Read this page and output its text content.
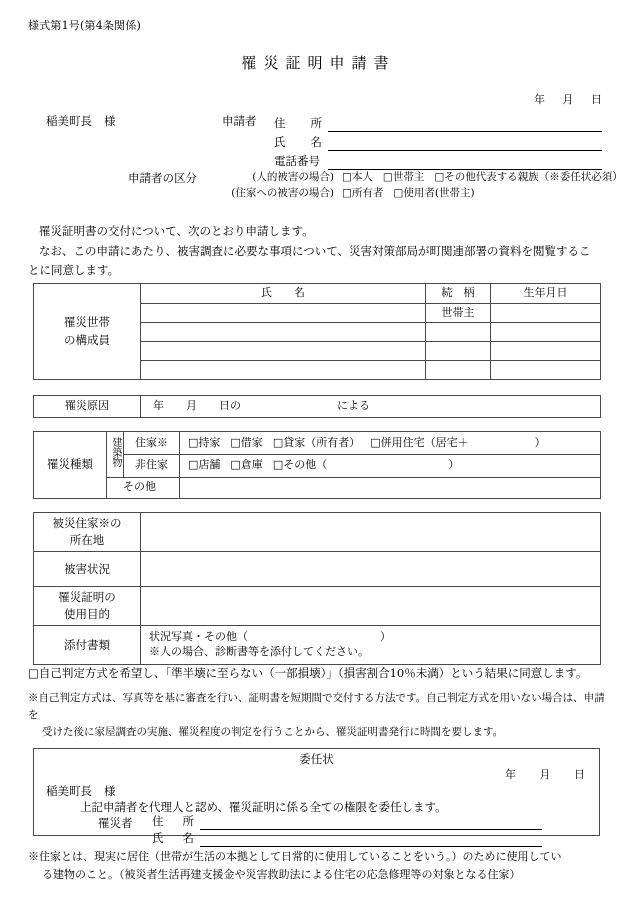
様式第1号(第4条関係)
罹災証明申請書
年 月 日
稲美町長 様	申請者 住 所
氏 名
電話番号
申請者の区分	(人的被害の場合) □本人 □世帯主 □その他代表する親族（※委任状必須）
(住家への被害の場合) □所有者 □使用者(世帯主)
罹災証明書の交付について、次のとおり申請します。
なお、この申請にあたり、被害調査に必要な事項について、災害対策部局が町関連部署の資料を閲覧することに同意します。
罹災世帯
の構成員	氏　　名	続　柄	生年月日
		世帯主	

罹災原因	年 月 日の	による
罹災種類	建築物	住家※	□持家 □借家 □貸家（所有者） □併用住宅（居宅＋　　　　　　）
		非住家	□店舗 □倉庫 □その他（　　　　　　　　　　　）
	その他		
被災住家※の
所在地	
被害状況	
罹災証明の
使用目的	
添付書類	状況写真・その他（　　　　　　　　　　　　）
※人の場合、診断書等を添付してください。
□自己判定方式を希望し、「準半壊に至らない（一部損壊）」（損害割合10％未満）という結果に同意します。
※自己判定方式は、写真等を基に審査を行い、証明書を短期間で交付する方法です。自己判定方式を用いない場合は、申請を
受けた後に家屋調査の実施、罹災程度の判定を行うことから、罹災証明書発行に時間を要します。
委任状
年 月 日
稲美町長 様
上記申請者を代理人と認め、罹災証明に係る全ての権限を委任します。
罹災者 住 所
氏 名
※住家とは、現実に居住（世帯が生活の本拠として日常的に使用していることをいう。）のために使用してい
る建物のこと。（被災者生活再建支援金や災害救助法による住宅の応急修理等の対象となる住家）
